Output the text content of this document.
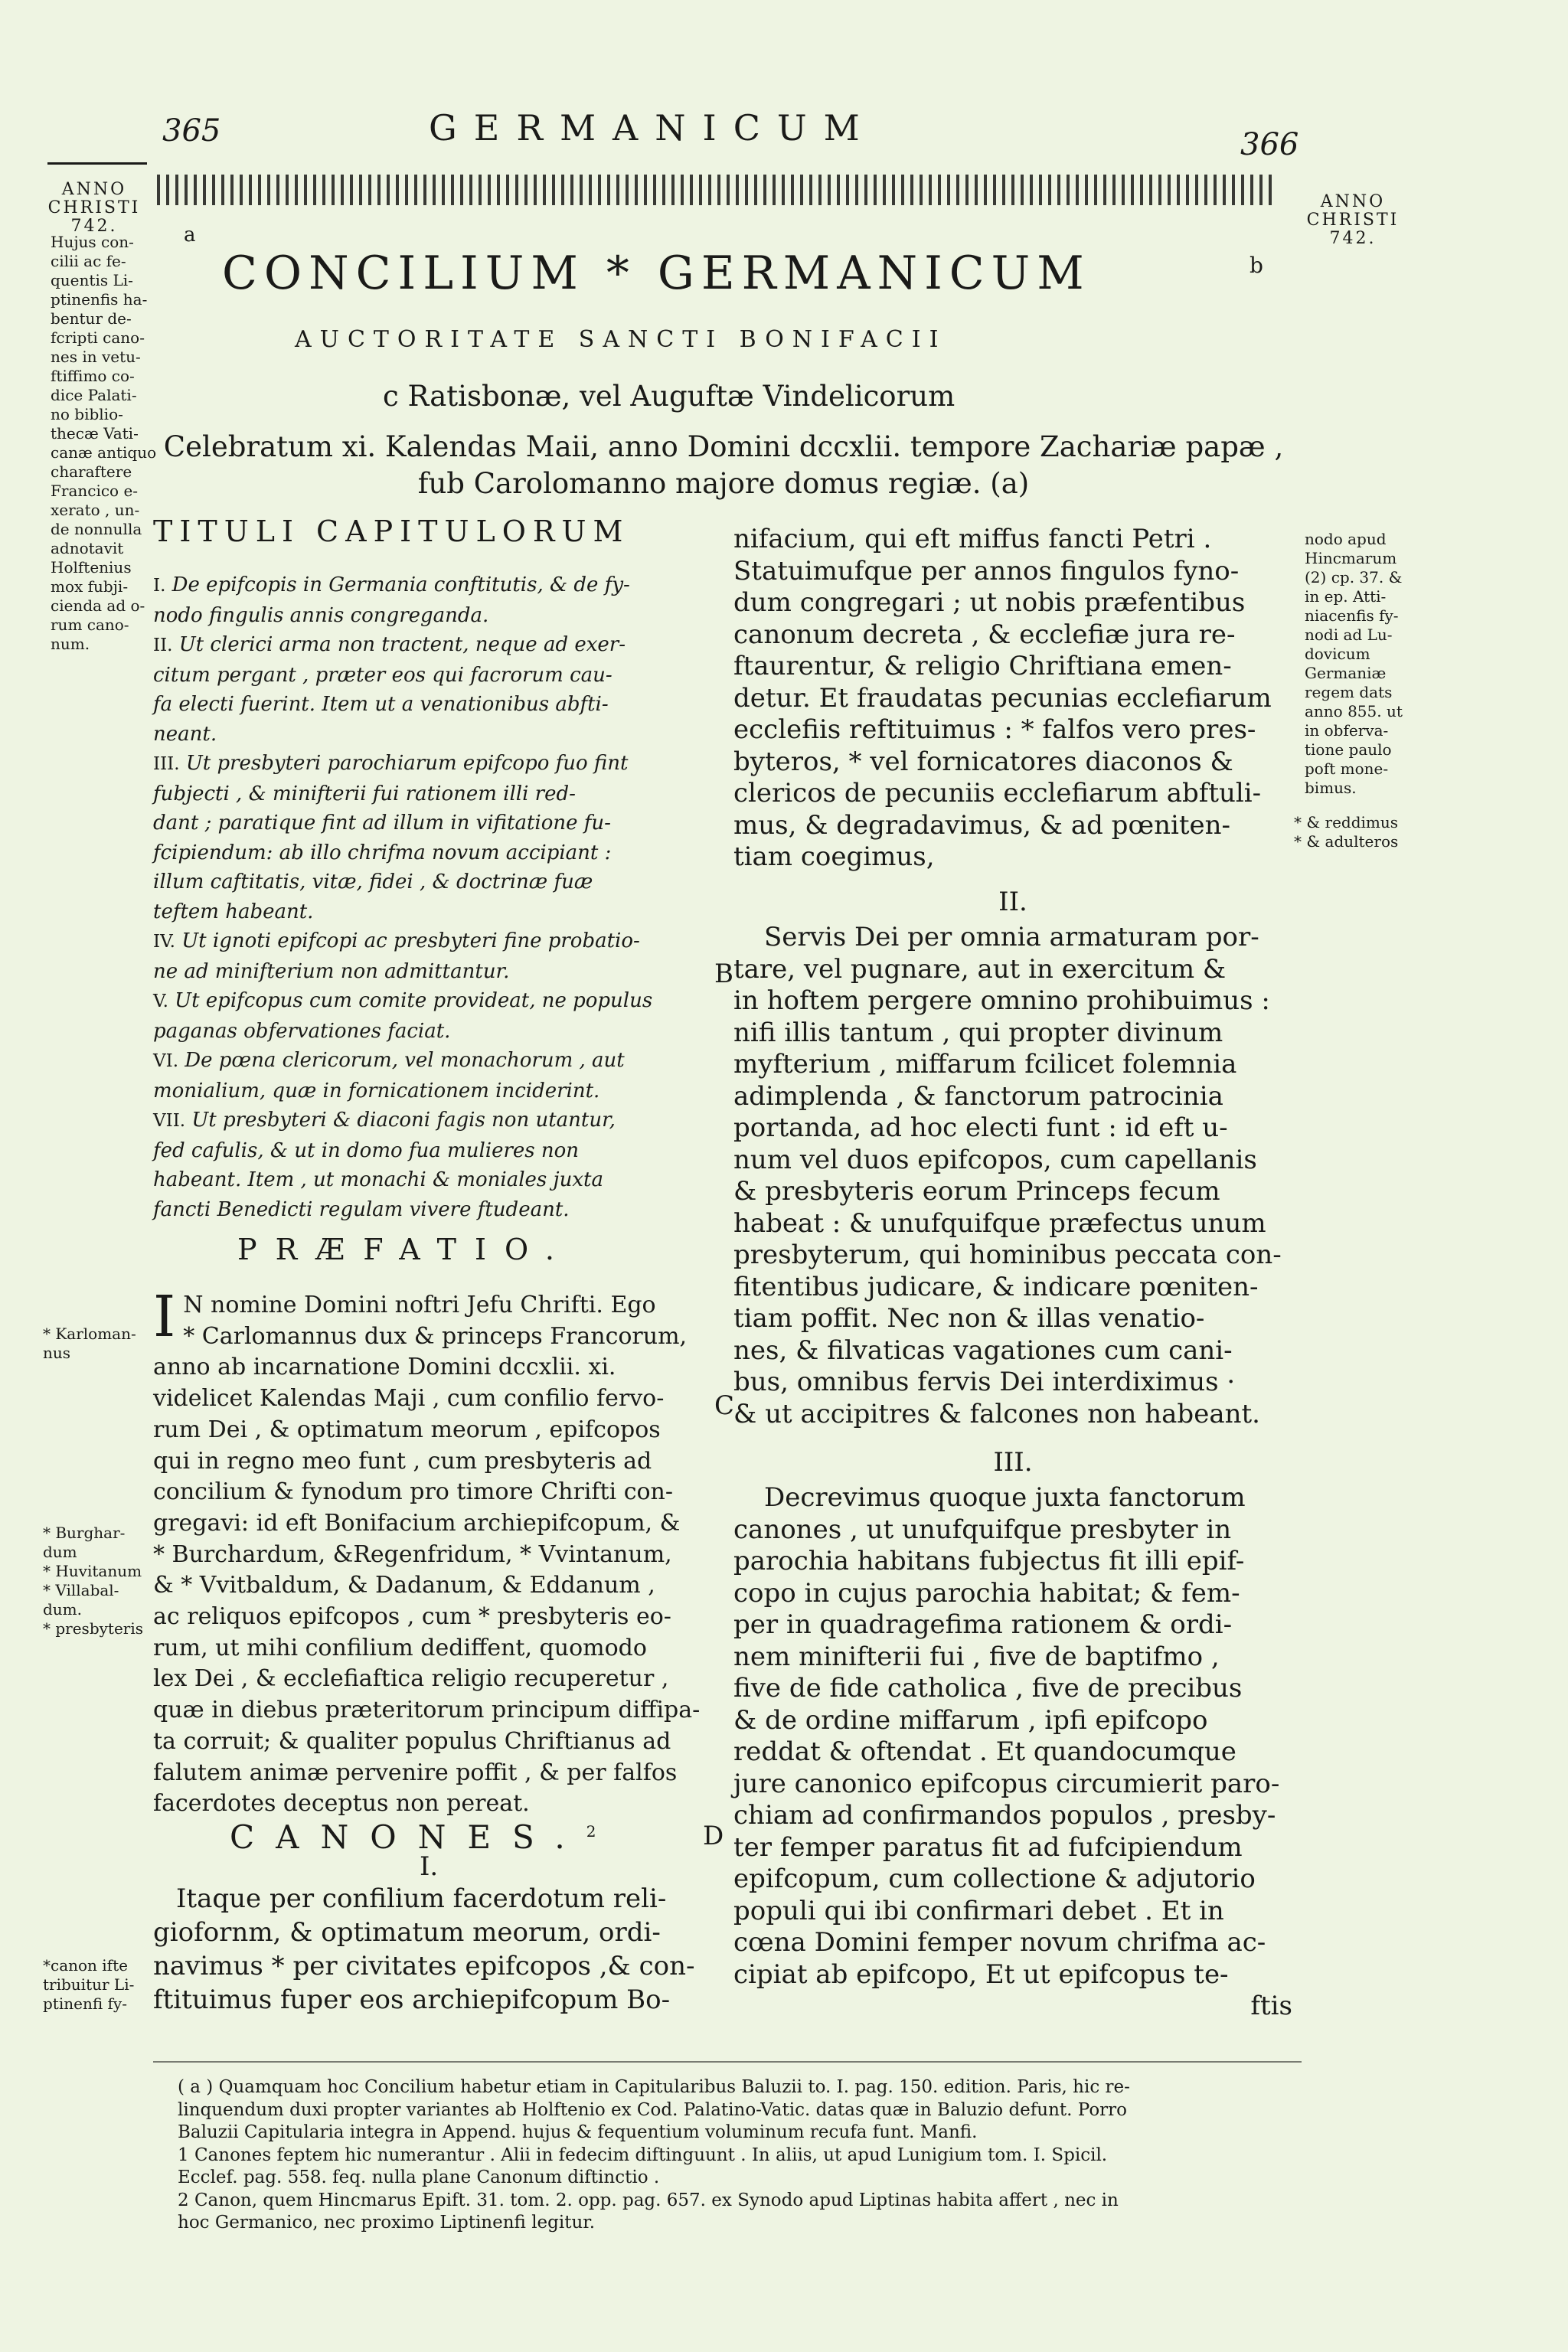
365	GERMANICUM	366
ANNO
CHRISTI
742.
Hujus con-
cilii ac fe-
quentis Li-
ptinenfis ha-
bentur de-
fcripti cano-
nes in vetu-
ftiffimo co-
dice Palati-
no biblio-
thecæ Vati-
canæ antiquo
charaftere
Francico e-
xerato , un-
de nonnulla
adnotavit
Holftenius
mox fubji-
cienda ad o-
rum cano-
num.
* Karloman-
nus
* Burghar-
dum
* Huvitanum
* Villabal-
dum.
* presbyteris
*canon ifte
tribuitur Li-
ptinenfi fy-
ANNO
CHRISTI
742.
nodo apud
Hincmarum
(2) cp. 37. &
in ep. Atti-
niacenfis fy-
nodi ad Lu-
dovicum
Germaniæ
regem dats
anno 855. ut
in obferva-
tione paulo
poft mone-
bimus.
* & reddimus
* & adulteros
a
b
B
C
D
CONCILIUM * GERMANICUM
AUCTORITATE SANCTI BONIFACII
c Ratisbonæ, vel Auguftæ Vindelicorum
Celebratum xi. Kalendas Maii, anno Domini dccxlii. tempore Zachariæ papæ ,
fub Carolomanno majore domus regiæ. (a)
TITULI CAPITULORUM
I. De epifcopis in Germania conftitutis, & de fy-
nodo fingulis annis congreganda.
II. Ut clerici arma non tractent, neque ad exer-
citum pergant , præter eos qui facrorum cau-
fa electi fuerint. Item ut a venationibus abfti-
neant.
III. Ut presbyteri parochiarum epifcopo fuo fint
fubjecti , & minifterii fui rationem illi red-
dant ; paratique fint ad illum in vifitatione fu-
fcipiendum: ab illo chrifma novum accipiant :
illum caftitatis, vitæ, fidei , & doctrinæ fuæ
teftem habeant.
IV. Ut ignoti epifcopi ac presbyteri fine probatio-
ne ad minifterium non admittantur.
V. Ut epifcopus cum comite provideat, ne populus
paganas obfervationes faciat.
VI. De pœna clericorum, vel monachorum , aut
monialium, quæ in fornicationem inciderint.
VII. Ut presbyteri & diaconi fagis non utantur,
fed cafulis, & ut in domo fua mulieres non
habeant. Item , ut monachi & moniales juxta
fancti Benedicti regulam vivere ftudeant.
PRÆFATIO.
I N nomine Domini noftri Jefu Chrifti. Ego
* Carlomannus dux & princeps Francorum,
anno ab incarnatione Domini dccxlii. xi.
videlicet Kalendas Maji , cum confilio fervo-
rum Dei , & optimatum meorum , epifcopos
qui in regno meo funt , cum presbyteris ad
concilium & fynodum pro timore Chrifti con-
gregavi: id eft Bonifacium archiepifcopum, &
* Burchardum, &Regenfridum, * Vvintanum,
& * Vvitbaldum, & Dadanum, & Eddanum ,
ac reliquos epifcopos , cum * presbyteris eo-
rum, ut mihi confilium dediffent, quomodo
lex Dei , & ecclefiaftica religio recuperetur ,
quæ in diebus præteritorum principum diffipa-
ta corruit; & qualiter populus Chriftianus ad
falutem animæ pervenire poffit , & per falfos
facerdotes deceptus non pereat.
CANONES.$^2$
I.
Itaque per confilium facerdotum reli-
giofornm, & optimatum meorum, ordi-
navimus * per civitates epifcopos ,& con-
ftituimus fuper eos archiepifcopum Bo-
nifacium, qui eft miffus fancti Petri .
Statuimufque per annos fingulos fyno-
dum congregari ; ut nobis præfentibus
canonum decreta , & ecclefiæ jura re-
ftaurentur, & religio Chriftiana emen-
detur. Et fraudatas pecunias ecclefiarum
ecclefiis reftituimus : * falfos vero pres-
byteros, * vel fornicatores diaconos &
clericos de pecuniis ecclefiarum abftuli-
mus, & degradavimus, & ad pœniten-
tiam coegimus,
II.
Servis Dei per omnia armaturam por-
tare, vel pugnare, aut in exercitum &
in hoftem pergere omnino prohibuimus :
nifi illis tantum , qui propter divinum
myfterium , miffarum fcilicet folemnia
adimplenda , & fanctorum patrocinia
portanda, ad hoc electi funt : id eft u-
num vel duos epifcopos, cum capellanis
& presbyteris eorum Princeps fecum
habeat : & unufquifque præfectus unum
presbyterum, qui hominibus peccata con-
fitentibus judicare, & indicare pœniten-
tiam poffit. Nec non & illas venatio-
nes, & filvaticas vagationes cum cani-
bus, omnibus fervis Dei interdiximus ·
& ut accipitres & falcones non habeant.
III.
Decrevimus quoque juxta fanctorum
canones , ut unufquifque presbyter in
parochia habitans fubjectus fit illi epif-
copo in cujus parochia habitat; & fem-
per in quadragefima rationem & ordi-
nem minifterii fui , five de baptifmo ,
five de fide catholica , five de precibus
& de ordine miffarum , ipfi epifcopo
reddat & oftendat . Et quandocumque
jure canonico epifcopus circumierit paro-
chiam ad confirmandos populos , presby-
ter femper paratus fit ad fufcipiendum
epifcopum, cum collectione & adjutorio
populi qui ibi confirmari debet . Et in
cœna Domini femper novum chrifma ac-
cipiat ab epifcopo, Et ut epifcopus te-
ftis

( a ) Quamquam hoc Concilium habetur etiam in Capitularibus Baluzii to. I. pag. 150. edition. Paris, hic re-

linquendum duxi propter variantes ab Holftenio ex Cod. Palatino-Vatic. datas quæ in Baluzio defunt. Porro

Baluzii Capitularia integra in Append. hujus & fequentium voluminum recufa funt. Manfi.

1 Canones feptem hic numerantur . Alii in fedecim diftinguunt . In aliis, ut apud Lunigium tom. I. Spicil.

Ecclef. pag. 558. feq. nulla plane Canonum diftinctio .

2 Canon, quem Hincmarus Epift. 31. tom. 2. opp. pag. 657. ex Synodo apud Liptinas habita affert , nec in

hoc Germanico, nec proximo Liptinenfi legitur.
